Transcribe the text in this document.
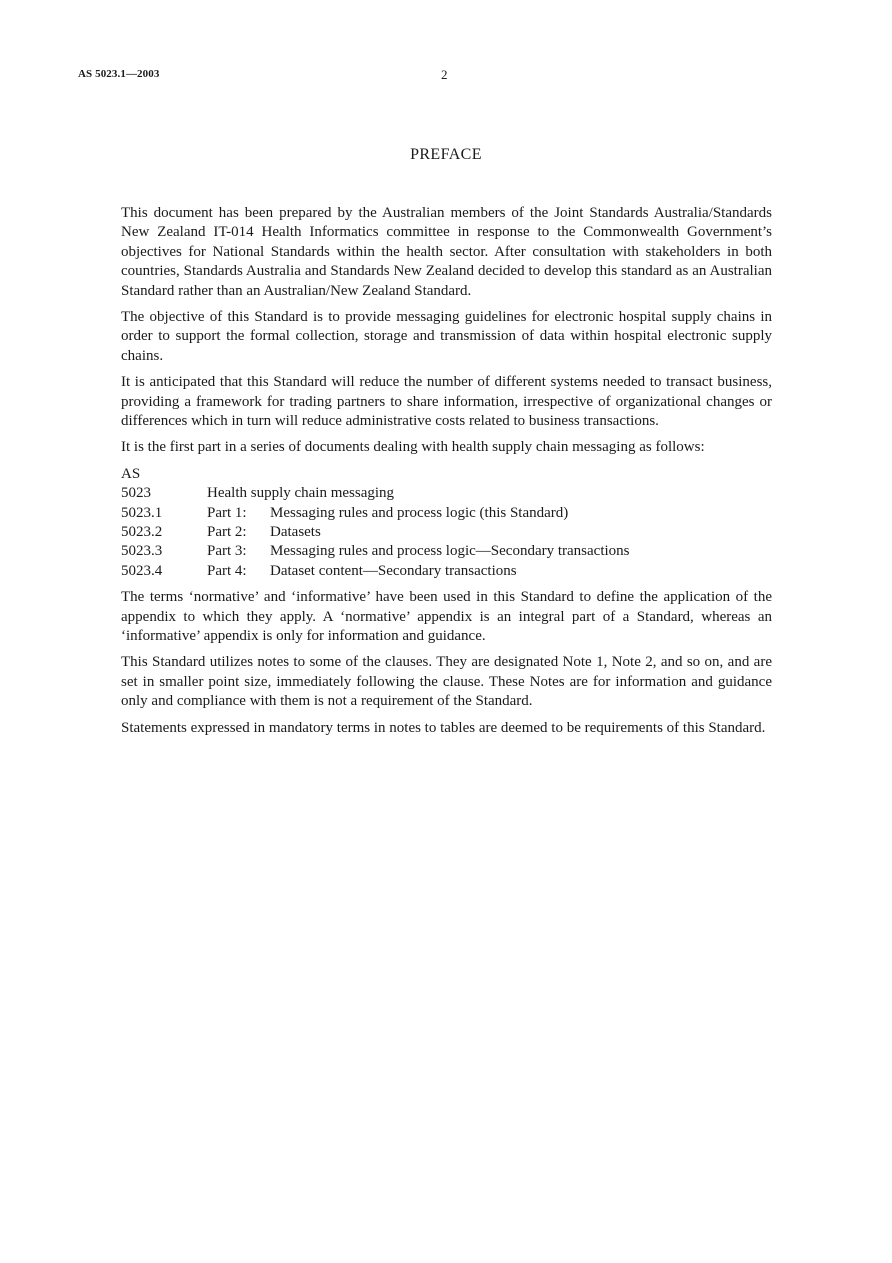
AS 5023.1—2003	2
PREFACE

This document has been prepared by the Australian members of the Joint Standards Australia/Standards New Zealand IT-014 Health Informatics committee in response to the Commonwealth Government’s objectives for National Standards within the health sector. After consultation with stakeholders in both countries, Standards Australia and Standards New Zealand decided to develop this standard as an Australian Standard rather than an Australian/New Zealand Standard.

The objective of this Standard is to provide messaging guidelines for electronic hospital supply chains in order to support the formal collection, storage and transmission of data within hospital electronic supply chains.

It is anticipated that this Standard will reduce the number of different systems needed to transact business, providing a framework for trading partners to share information, irrespective of organizational changes or differences which in turn will reduce administrative costs related to business transactions.

It is the first part in a series of documents dealing with health supply chain messaging as follows:

AS
5023	Health supply chain messaging
5023.1	Part 1:	Messaging rules and process logic (this Standard)
5023.2	Part 2:	Datasets
5023.3	Part 3:	Messaging rules and process logic—Secondary transactions
5023.4	Part 4:	Dataset content—Secondary transactions

The terms ‘normative’ and ‘informative’ have been used in this Standard to define the application of the appendix to which they apply. A ‘normative’ appendix is an integral part of a Standard, whereas an ‘informative’ appendix is only for information and guidance.

This Standard utilizes notes to some of the clauses. They are designated Note 1, Note 2, and so on, and are set in smaller point size, immediately following the clause. These Notes are for information and guidance only and compliance with them is not a requirement of the Standard.

Statements expressed in mandatory terms in notes to tables are deemed to be requirements of this Standard.
